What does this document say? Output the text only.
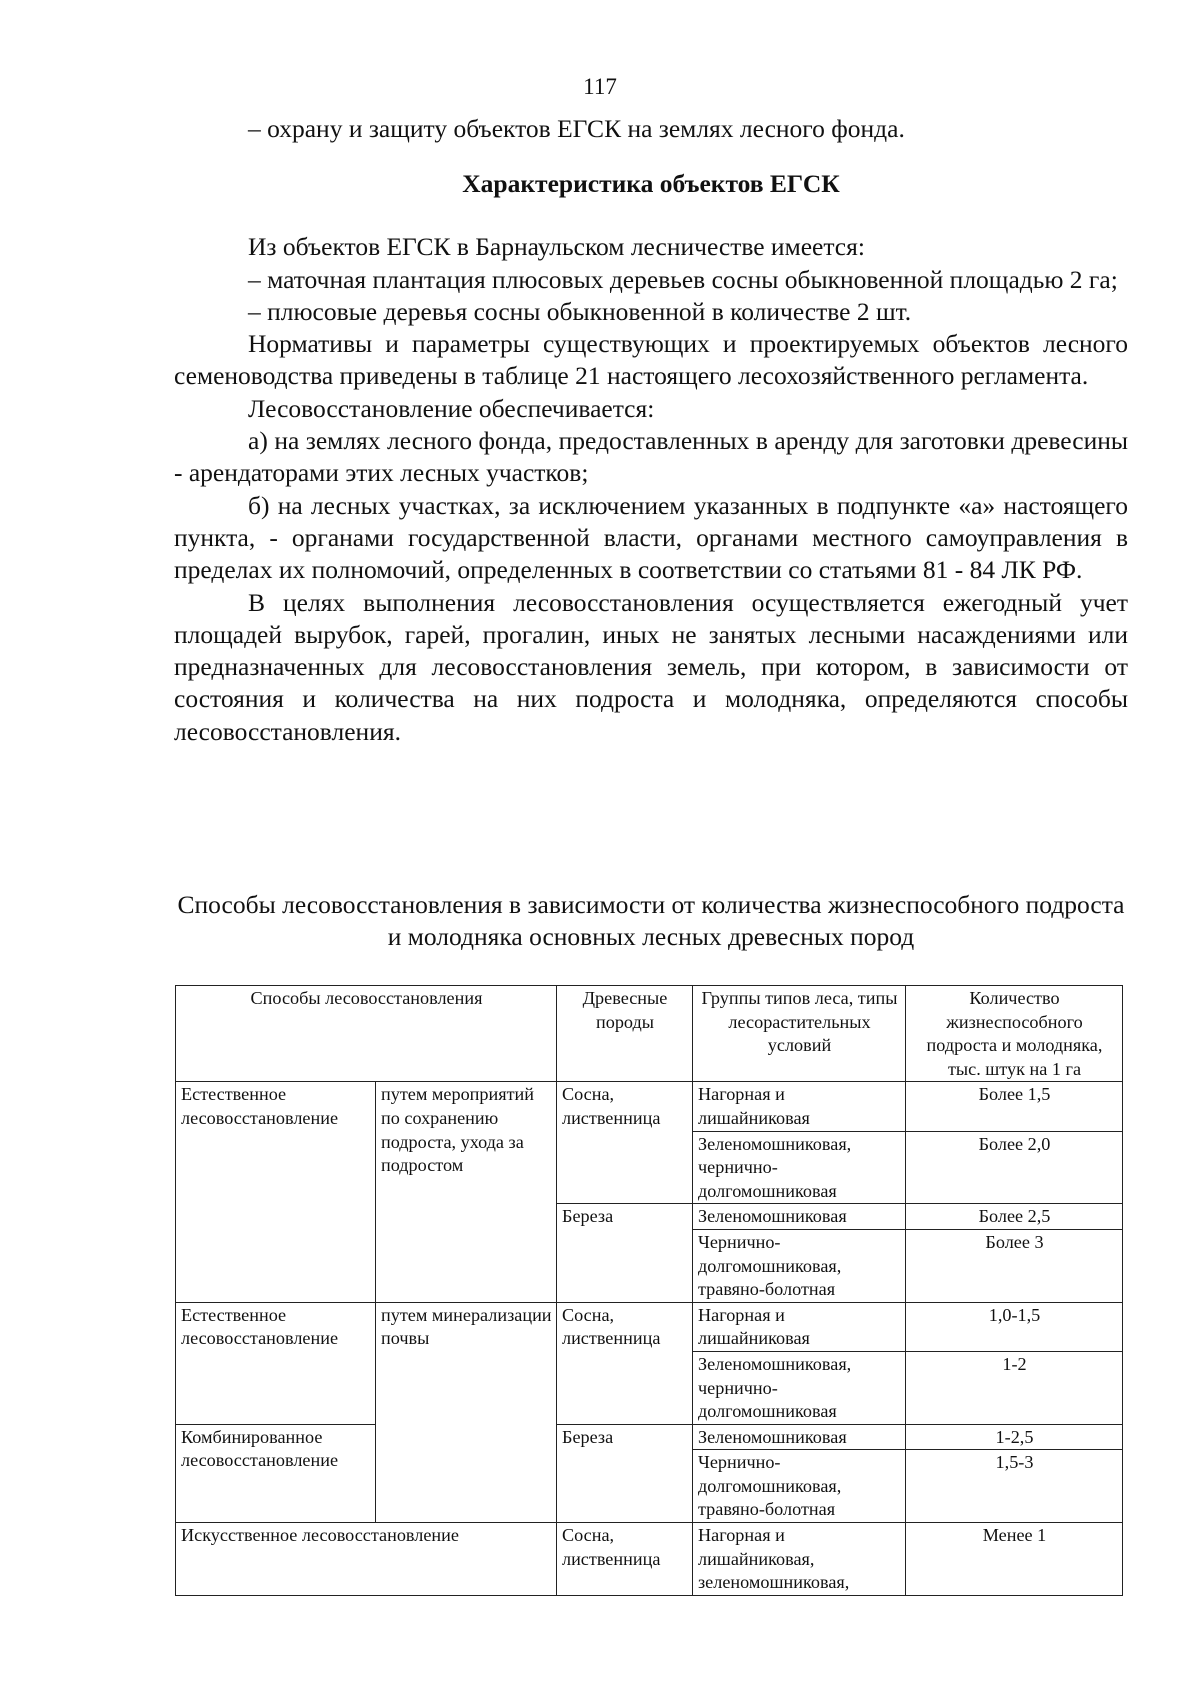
117

– охрану и защиту объектов ЕГСК на землях лесного фонда.

Характеристика объектов ЕГСК

Из объектов ЕГСК в Барнаульском лесничестве имеется:

– маточная плантация плюсовых деревьев сосны обыкновенной площадью 2 га;

– плюсовые деревья сосны обыкновенной в количестве 2 шт.

Нормативы и параметры существующих и проектируемых объектов лесного семеноводства приведены в таблице 21 настоящего лесохозяйственного регламента.

Лесовосстановление обеспечивается:

а) на землях лесного фонда, предоставленных в аренду для заготовки древесины - арендаторами этих лесных участков;

б) на лесных участках, за исключением указанных в подпункте «а» настоящего пункта, - органами государственной власти, органами местного самоуправления в пределах их полномочий, определенных в соответствии со статьями 81 - 84 ЛК РФ.

В целях выполнения лесовосстановления осуществляется ежегодный учет площадей вырубок, гарей, прогалин, иных не занятых лесными насаждениями или предназначенных для лесовосстановления земель, при котором, в зависимости от состояния и количества на них подроста и молодняка, определяются способы лесовосстановления.

Способы лесовосстановления в зависимости от количества жизнеспособного подроста и молодняка основных лесных древесных пород
Способы лесовосстановления		Древесные породы	Группы типов леса, типы лесорастительных условий	Количество жизнеспособного подроста и молодняка, тыс. штук на 1 га
Естественное лесовосстановление	путем мероприятий по сохранению подроста, ухода за подростом	Сосна, лиственница	Нагорная и лишайниковая	Более 1,5
			Зеленомошниковая, чернично-долгомошниковая	Более 2,0
		Береза	Зеленомошниковая	Более 2,5
			Чернично-долгомошниковая, травяно-болотная	Более 3
Естественное лесовосстановление	путем минерализации почвы	Сосна, лиственница	Нагорная и лишайниковая	1,0-1,5
			Зеленомошниковая, чернично-долгомошниковая	1-2
Комбинированное лесовосстановление		Береза	Зеленомошниковая	1-2,5
			Чернично-долгомошниковая, травяно-болотная	1,5-3
Искусственное лесовосстановление		Сосна, лиственница	Нагорная и лишайниковая, зеленомошниковая,	Менее 1
